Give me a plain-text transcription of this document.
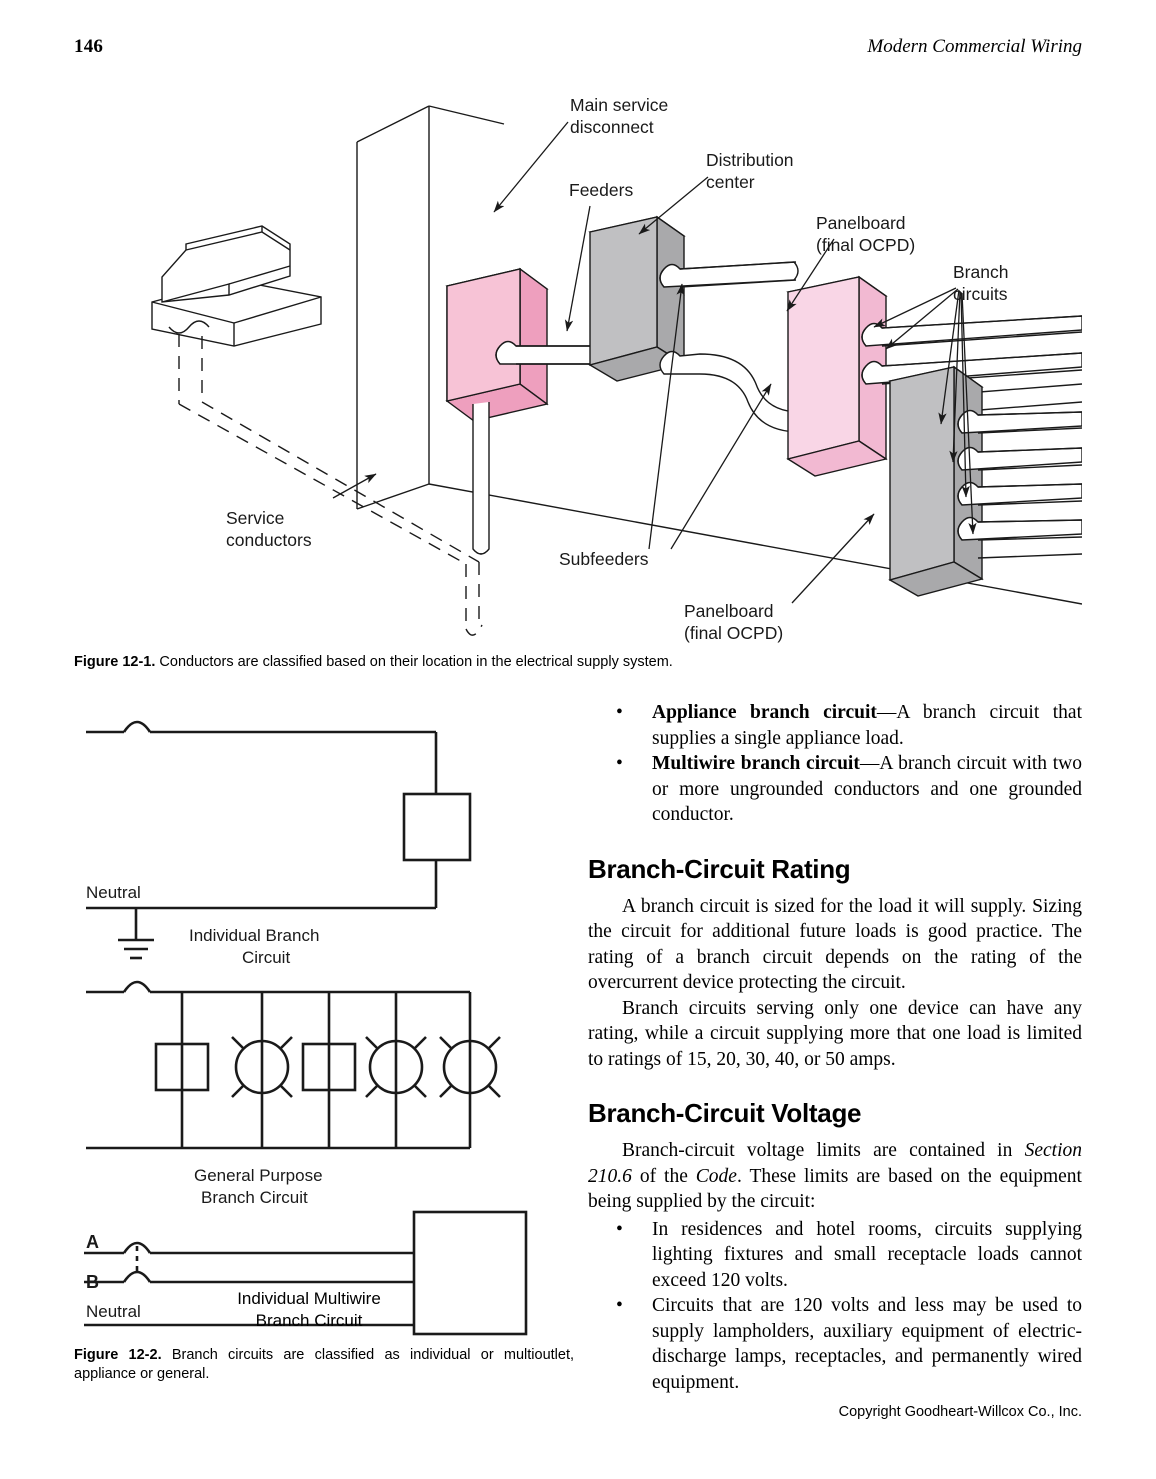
146	Modern Commercial Wiring
Main service
disconnect
Feeders
Distribution
center
Panelboard
(final OCPD)
Branch
circuits
Service
conductors
Subfeeders
Panelboard
(final OCPD)
Figure 12-1. Conductors are classified based on their location in the electrical supply system.
Neutral
Individual Branch
Circuit
General Purpose
Branch Circuit
A
B
Neutral
Individual Multiwire
Branch Circuit
Figure 12-2. Branch circuits are classified as individual or multioutlet, appliance or general.
• Appliance branch circuit—A branch circuit that supplies a single appliance load.
• Multiwire branch circuit—A branch circuit with two or more ungrounded conductors and one grounded conductor.
Branch-Circuit Rating

A branch circuit is sized for the load it will supply. Sizing the circuit for additional future loads is good practice. The rating of a branch circuit depends on the rating of the overcurrent device protecting the circuit.

Branch circuits serving only one device can have any rating, while a circuit supplying more that one load is limited to ratings of 15, 20, 30, 40, or 50 amps.

Branch-Circuit Voltage

Branch-circuit voltage limits are contained in Section 210.6 of the Code. These limits are based on the equipment being supplied by the circuit:

• In residences and hotel rooms, circuits supplying lighting fixtures and small receptacle loads cannot exceed 120 volts.
• Circuits that are 120 volts and less may be used to supply lampholders, auxiliary equipment of electric-discharge lamps, receptacles, and permanently wired equipment.
Copyright Goodheart-Willcox Co., Inc.
